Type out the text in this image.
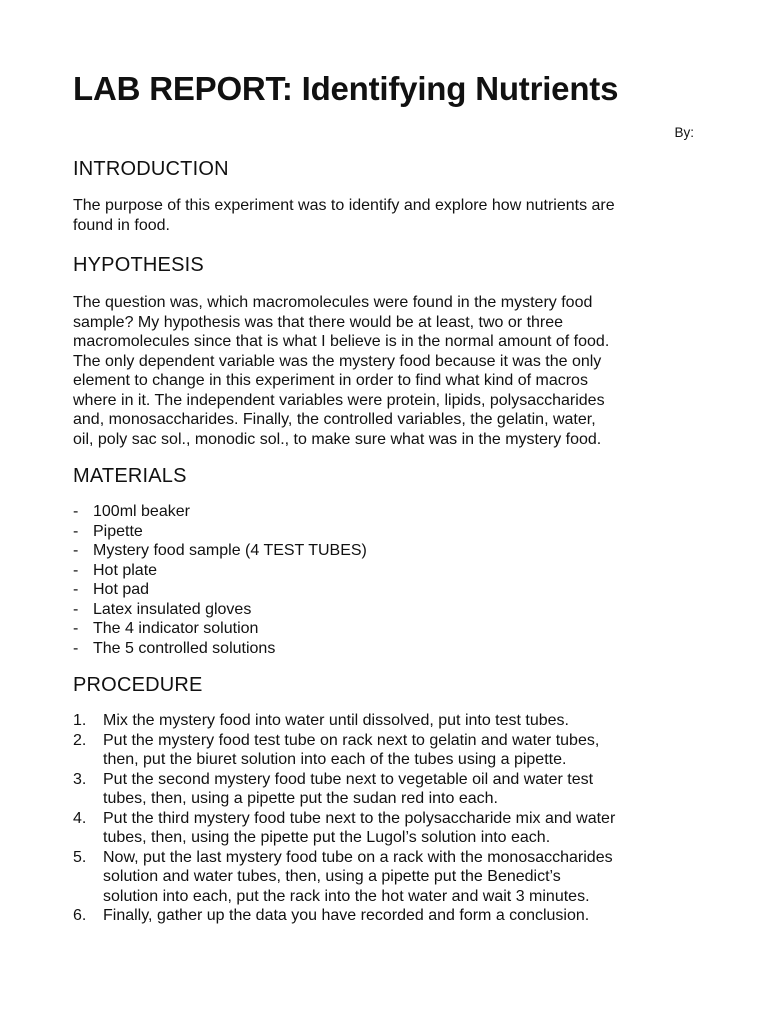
LAB REPORT: Identifying Nutrients
By:
INTRODUCTION

The purpose of this experiment was to identify and explore how nutrients are
found in food.

HYPOTHESIS

The question was, which macromolecules were found in the mystery food
sample? My hypothesis was that there would be at least, two or three
macromolecules since that is what I believe is in the normal amount of food.
The only dependent variable was the mystery food because it was the only
element to change in this experiment in order to find what kind of macros
where in it. The independent variables were protein, lipids, polysaccharides
and, monosaccharides. Finally, the controlled variables, the gelatin, water,
oil, poly sac sol., monodic sol., to make sure what was in the mystery food.

MATERIALS
- 100ml beaker
- Pipette
- Mystery food sample (4 TEST TUBES)
- Hot plate
- Hot pad
- Latex insulated gloves
- The 4 indicator solution
- The 5 controlled solutions
PROCEDURE
1. Mix the mystery food into water until dissolved, put into test tubes.
2. Put the mystery food test tube on rack next to gelatin and water tubes,
then, put the biuret solution into each of the tubes using a pipette.
3. Put the second mystery food tube next to vegetable oil and water test
tubes, then, using a pipette put the sudan red into each.
4. Put the third mystery food tube next to the polysaccharide mix and water
tubes, then, using the pipette put the Lugol’s solution into each.
5. Now, put the last mystery food tube on a rack with the monosaccharides
solution and water tubes, then, using a pipette put the Benedict’s
solution into each, put the rack into the hot water and wait 3 minutes.
6. Finally, gather up the data you have recorded and form a conclusion.
